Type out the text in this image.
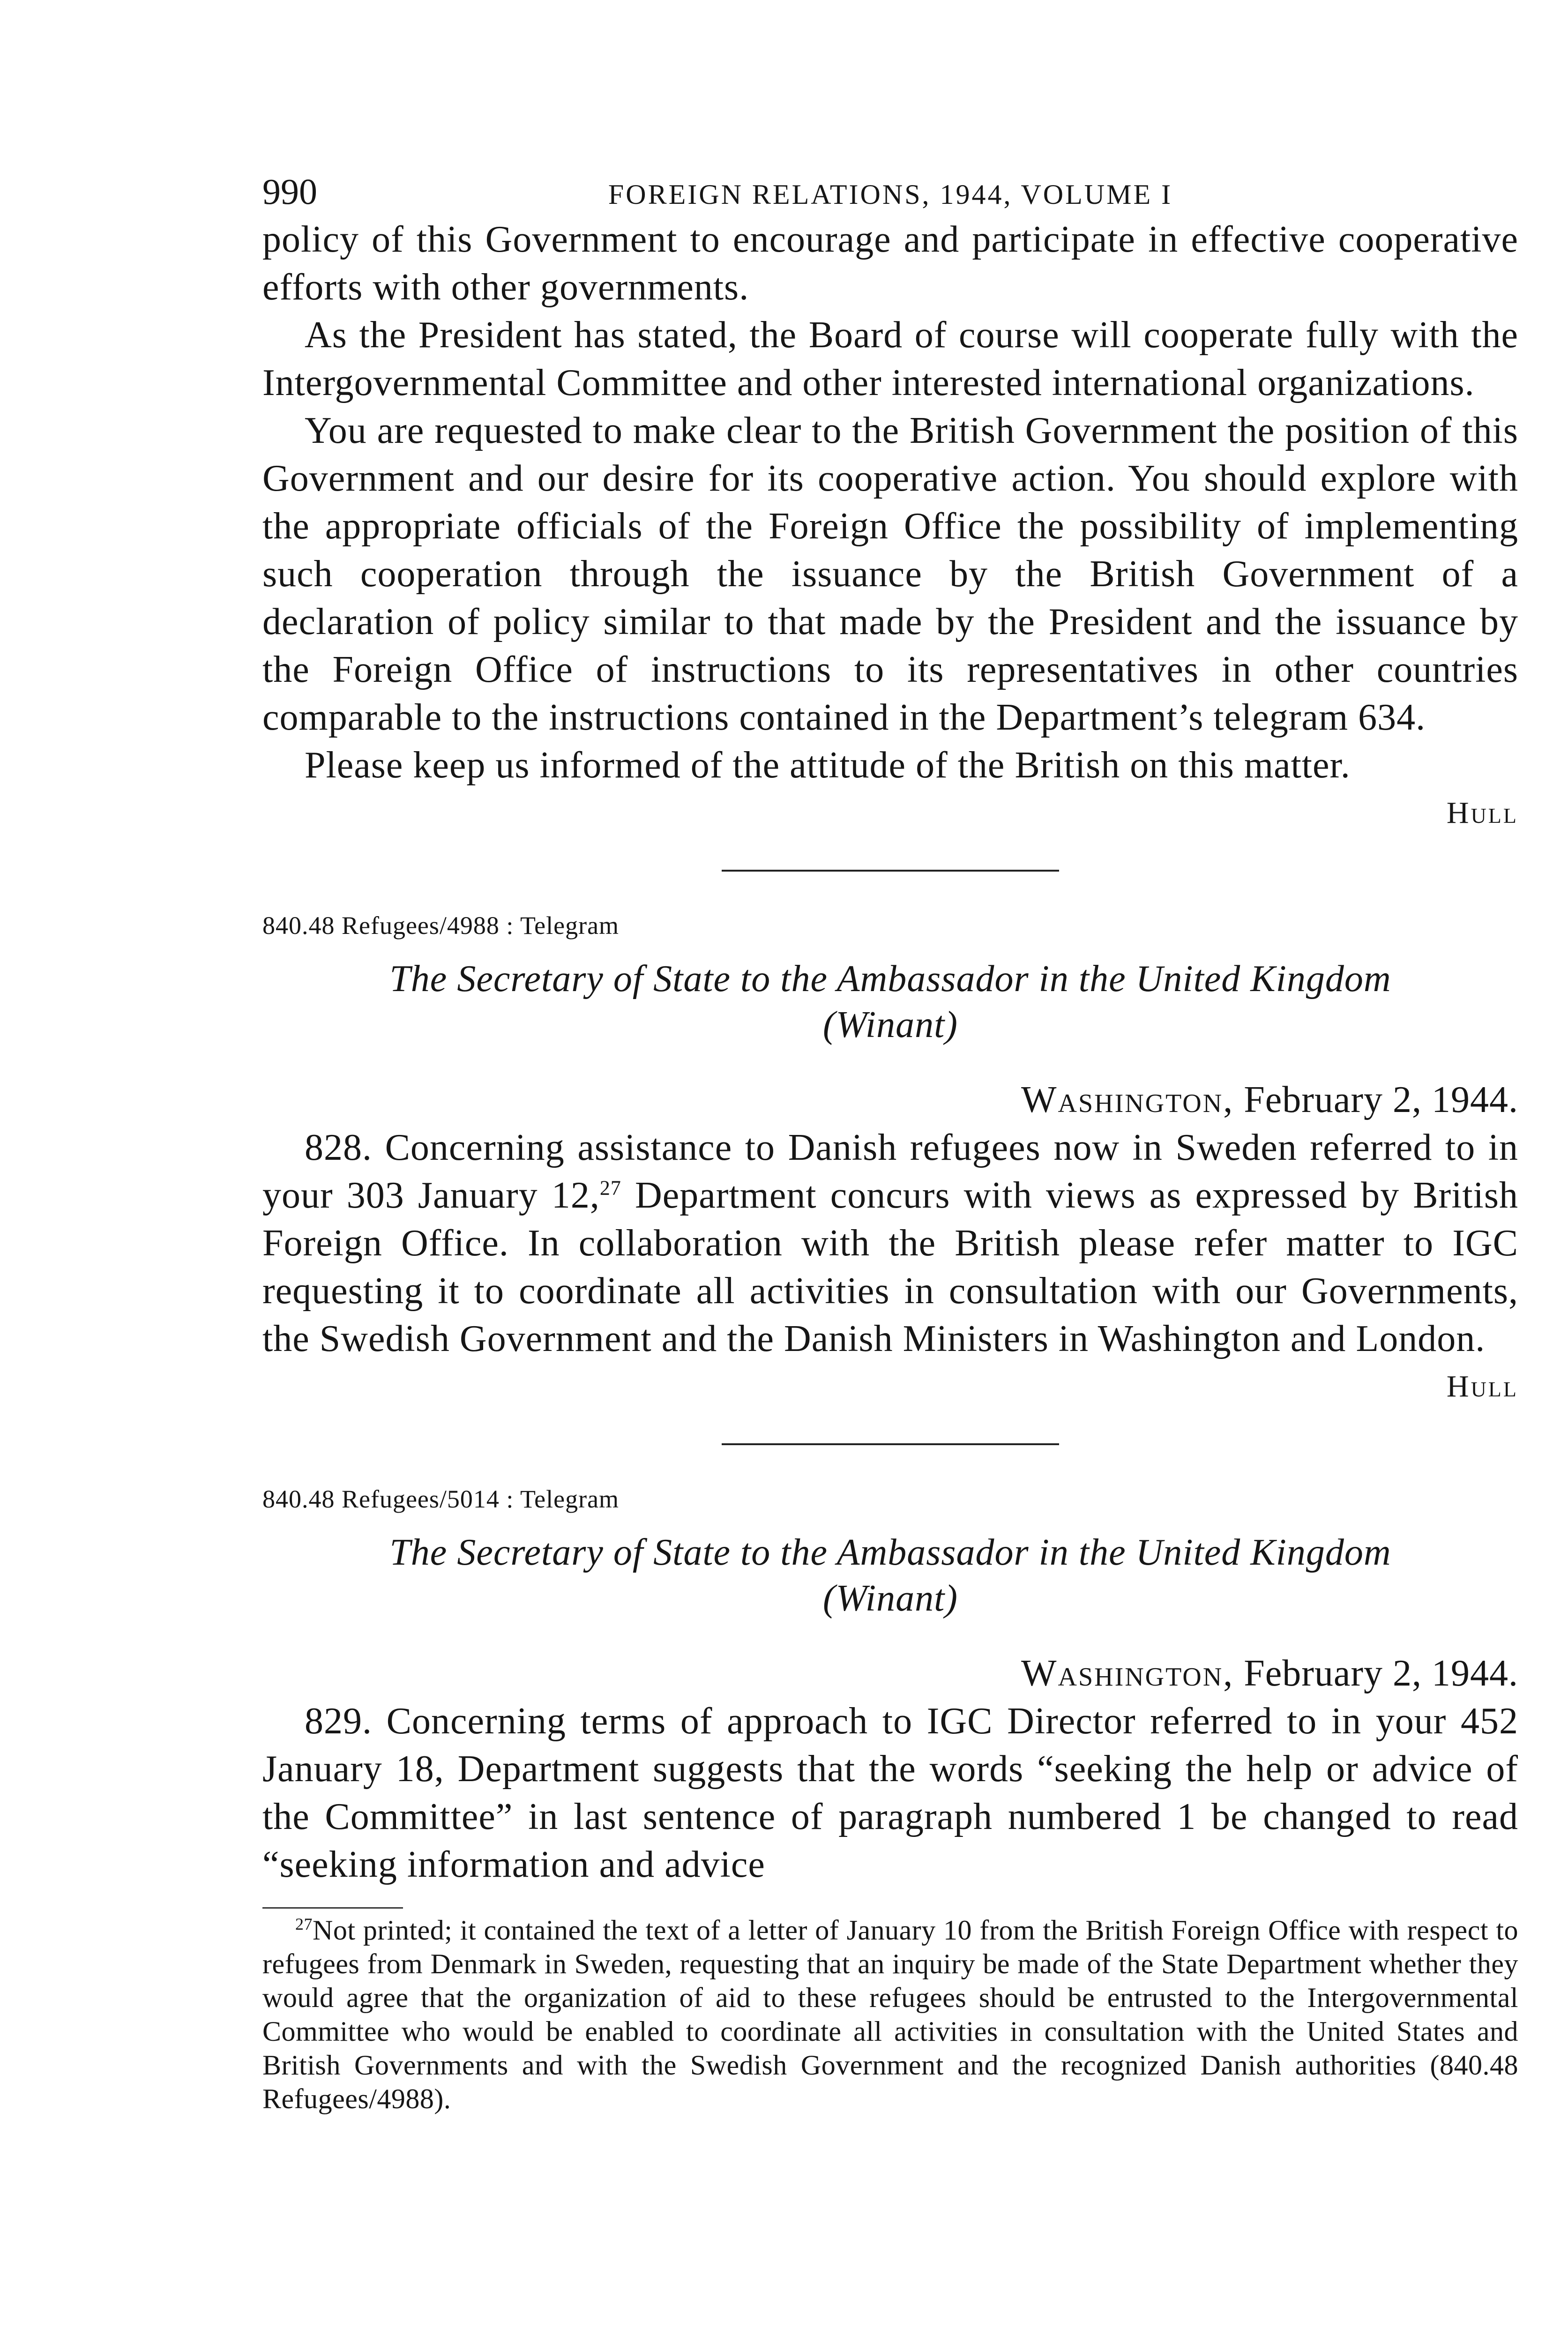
990	FOREIGN RELATIONS, 1944, VOLUME I

policy of this Government to encourage and participate in effective cooperative efforts with other governments.

As the President has stated, the Board of course will cooperate fully with the Intergovernmental Committee and other interested international organizations.

You are requested to make clear to the British Government the position of this Government and our desire for its cooperative action. You should explore with the appropriate officials of the Foreign Office the possibility of implementing such cooperation through the issuance by the British Government of a declaration of policy similar to that made by the President and the issuance by the Foreign Office of instructions to its representatives in other countries comparable to the instructions contained in the Department’s telegram 634.

Please keep us informed of the attitude of the British on this matter.

Hull
840.48 Refugees/4988 : Telegram
The Secretary of State to the Ambassador in the United Kingdom
(Winant)
Washington, February 2, 1944.

828. Concerning assistance to Danish refugees now in Sweden referred to in your 303 January 12,27 Department concurs with views as expressed by British Foreign Office. In collaboration with the British please refer matter to IGC requesting it to coordinate all activities in consultation with our Governments, the Swedish Government and the Danish Ministers in Washington and London.

Hull
840.48 Refugees/5014 : Telegram
The Secretary of State to the Ambassador in the United Kingdom
(Winant)
Washington, February 2, 1944.

829. Concerning terms of approach to IGC Director referred to in your 452 January 18, Department suggests that the words “seeking the help or advice of the Committee” in last sentence of paragraph numbered 1 be changed to read “seeking information and advice

$^{27}$Not printed; it contained the text of a letter of January 10 from the British Foreign Office with respect to refugees from Denmark in Sweden, requesting that an inquiry be made of the State Department whether they would agree that the organization of aid to these refugees should be entrusted to the Intergovernmental Committee who would be enabled to coordinate all activities in consultation with the United States and British Governments and with the Swedish Government and the recognized Danish authorities (840.48 Refugees/4988).
